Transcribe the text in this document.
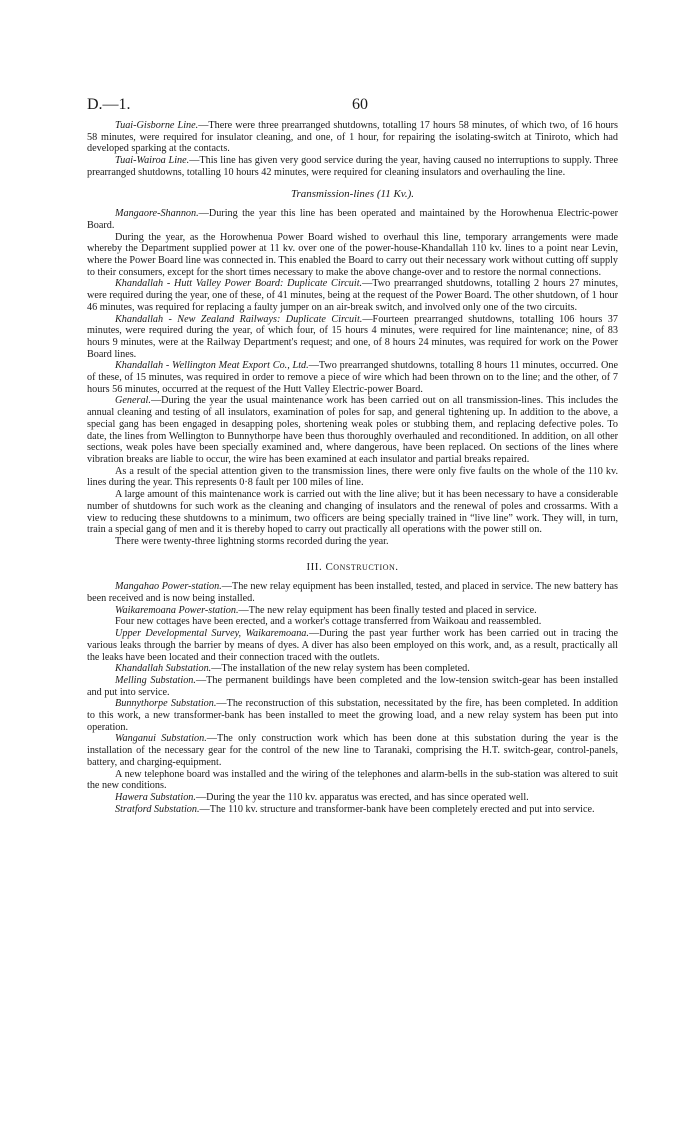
D.—1.	60

Tuai-Gisborne Line.—There were three prearranged shutdowns, totalling 17 hours 58 minutes, of which two, of 16 hours 58 minutes, were required for insulator cleaning, and one, of 1 hour, for repairing the isolating-switch at Tiniroto, which had developed sparking at the contacts.

Tuai-Wairoa Line.—This line has given very good service during the year, having caused no interruptions to supply. Three prearranged shutdowns, totalling 10 hours 42 minutes, were required for cleaning insulators and overhauling the line.

Transmission-lines (11 Kv.).

Mangaore-Shannon.—During the year this line has been operated and maintained by the Horowhenua Electric-power Board.

During the year, as the Horowhenua Power Board wished to overhaul this line, temporary arrangements were made whereby the Department supplied power at 11 kv. over one of the power-house-Khandallah 110 kv. lines to a point near Levin, where the Power Board line was connected in. This enabled the Board to carry out their necessary work without cutting off supply to their consumers, except for the short times necessary to make the above change-over and to restore the normal connections.

Khandallah - Hutt Valley Power Board: Duplicate Circuit.—Two prearranged shutdowns, totalling 2 hours 27 minutes, were required during the year, one of these, of 41 minutes, being at the request of the Power Board. The other shutdown, of 1 hour 46 minutes, was required for replacing a faulty jumper on an air-break switch, and involved only one of the two circuits.

Khandallah - New Zealand Railways: Duplicate Circuit.—Fourteen prearranged shutdowns, totalling 106 hours 37 minutes, were required during the year, of which four, of 15 hours 4 minutes, were required for line maintenance; nine, of 83 hours 9 minutes, were at the Railway Department's request; and one, of 8 hours 24 minutes, was required for work on the Power Board lines.

Khandallah - Wellington Meat Export Co., Ltd.—Two prearranged shutdowns, totalling 8 hours 11 minutes, occurred. One of these, of 15 minutes, was required in order to remove a piece of wire which had been thrown on to the line; and the other, of 7 hours 56 minutes, occurred at the request of the Hutt Valley Electric-power Board.

General.—During the year the usual maintenance work has been carried out on all transmission-lines. This includes the annual cleaning and testing of all insulators, examination of poles for sap, and general tightening up. In addition to the above, a special gang has been engaged in desapping poles, shortening weak poles or stubbing them, and replacing defective poles. To date, the lines from Wellington to Bunnythorpe have been thus thoroughly overhauled and reconditioned. In addition, on all other sections, weak poles have been specially examined and, where dangerous, have been replaced. On sections of the lines where vibration breaks are liable to occur, the wire has been examined at each insulator and partial breaks repaired.

As a result of the special attention given to the transmission lines, there were only five faults on the whole of the 110 kv. lines during the year. This represents 0·8 fault per 100 miles of line.

A large amount of this maintenance work is carried out with the line alive; but it has been necessary to have a considerable number of shutdowns for such work as the cleaning and changing of insulators and the renewal of poles and crossarms. With a view to reducing these shutdowns to a minimum, two officers are being specially trained in “live line” work. They will, in turn, train a special gang of men and it is thereby hoped to carry out practically all operations with the power still on.

There were twenty-three lightning storms recorded during the year.

III. Construction.

Mangahao Power-station.—The new relay equipment has been installed, tested, and placed in service. The new battery has been received and is now being installed.

Waikaremoana Power-station.—The new relay equipment has been finally tested and placed in service.

Four new cottages have been erected, and a worker's cottage transferred from Waikoau and reassembled.

Upper Developmental Survey, Waikaremoana.—During the past year further work has been carried out in tracing the various leaks through the barrier by means of dyes. A diver has also been employed on this work, and, as a result, practically all the leaks have been located and their connection traced with the outlets.

Khandallah Substation.—The installation of the new relay system has been completed.

Melling Substation.—The permanent buildings have been completed and the low-tension switch-gear has been installed and put into service.

Bunnythorpe Substation.—The reconstruction of this substation, necessitated by the fire, has been completed. In addition to this work, a new transformer-bank has been installed to meet the growing load, and a new relay system has been put into operation.

Wanganui Substation.—The only construction work which has been done at this substation during the year is the installation of the necessary gear for the control of the new line to Taranaki, comprising the H.T. switch-gear, control-panels, battery, and charging-equipment.

A new telephone board was installed and the wiring of the telephones and alarm-bells in the sub-station was altered to suit the new conditions.

Hawera Substation.—During the year the 110 kv. apparatus was erected, and has since operated well.

Stratford Substation.—The 110 kv. structure and transformer-bank have been completely erected and put into service.
